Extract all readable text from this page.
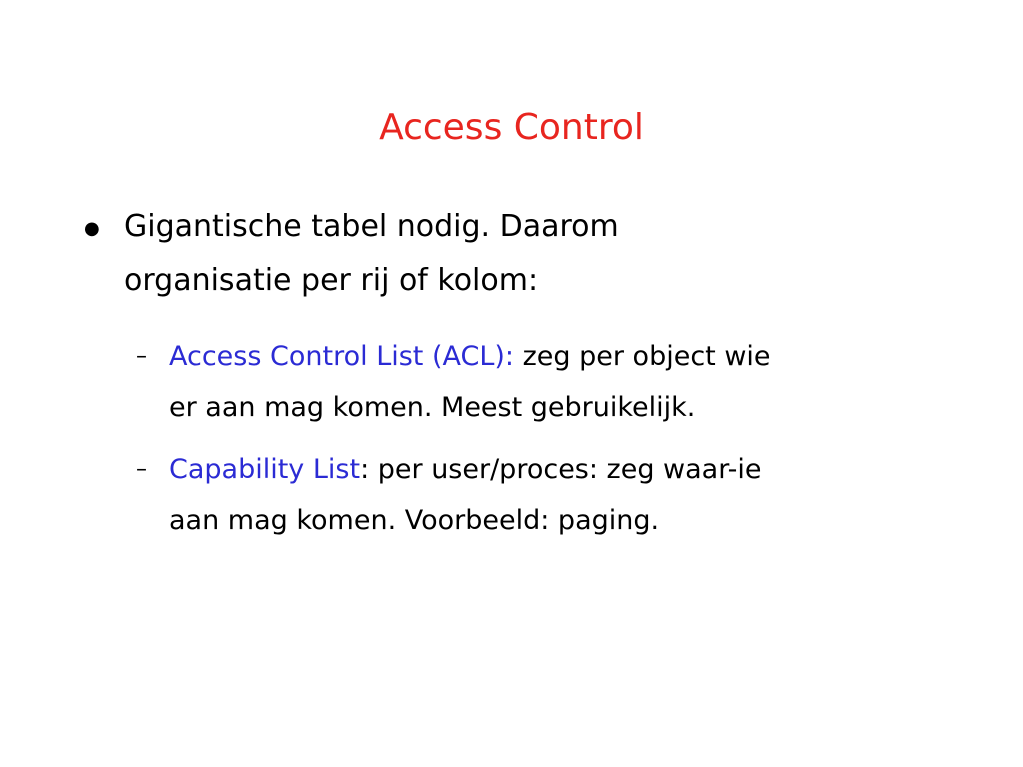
Access Control
● Gigantische tabel nodig. Daarom
organisatie per rij of kolom:
– Access Control List (ACL): zeg per object wie
er aan mag komen. Meest gebruikelijk.
– Capability List: per user/proces: zeg waar-ie
aan mag komen. Voorbeeld: paging.
